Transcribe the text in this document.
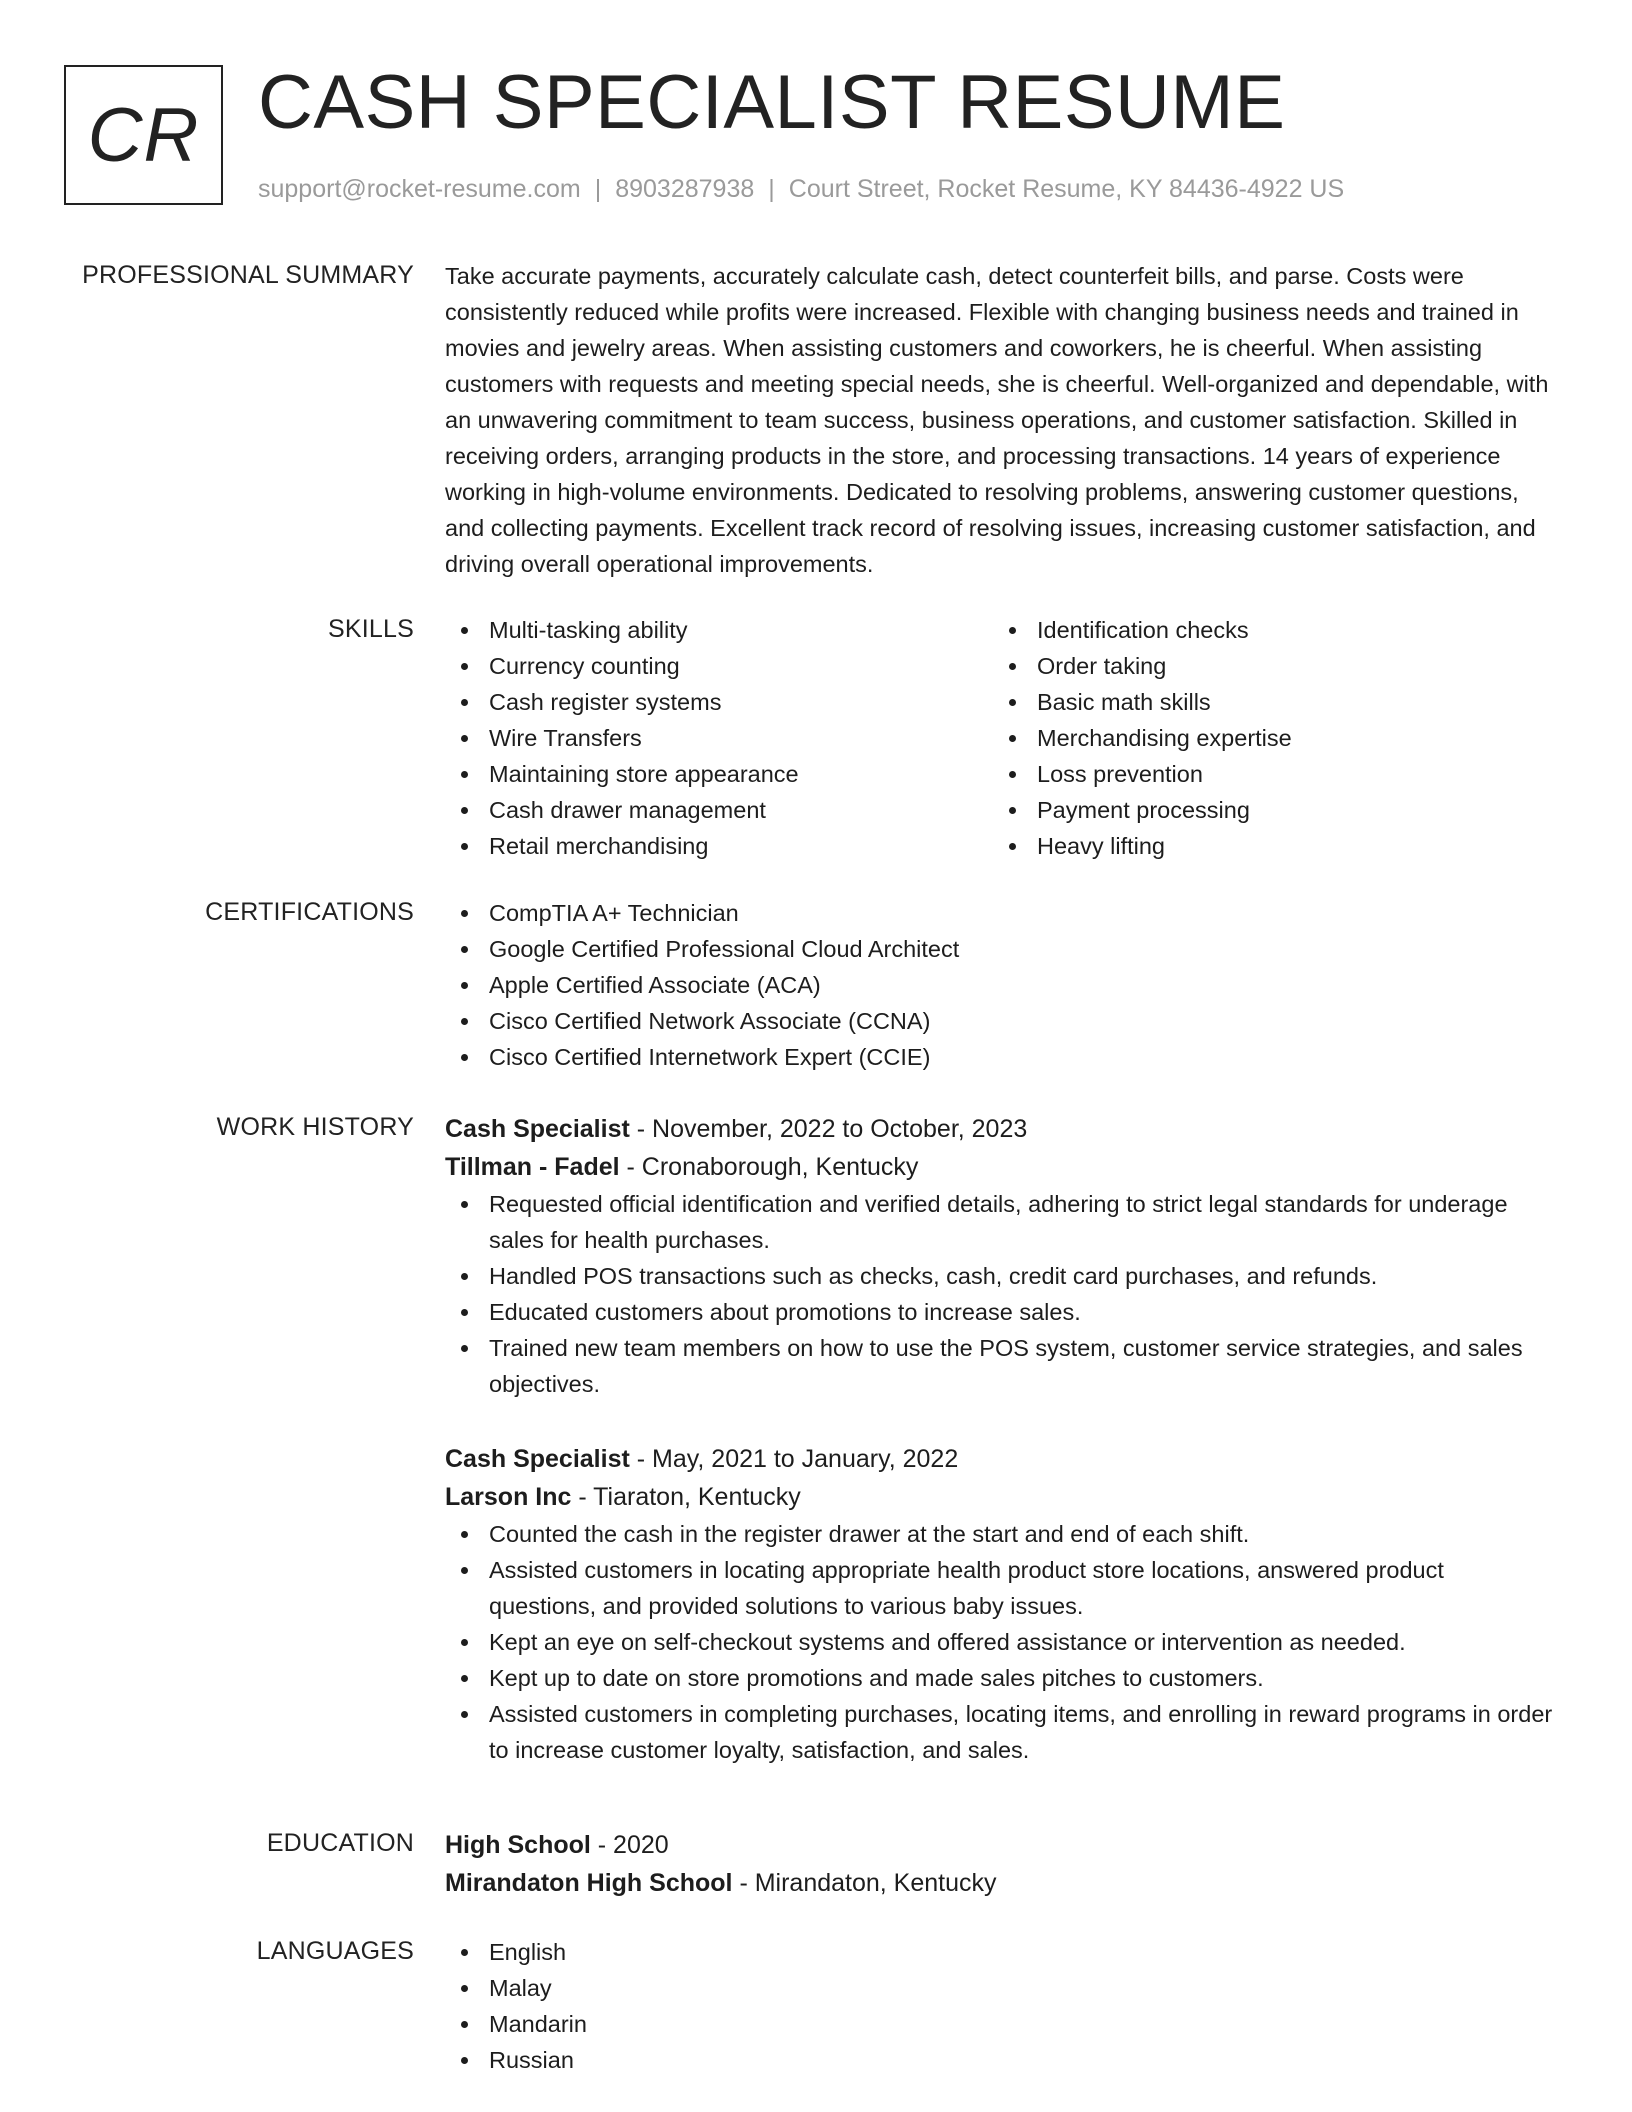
CR CASH SPECIALIST RESUME
support@rocket-resume.com | 8903287938 | Court Street, Rocket Resume, KY 84436-4922 US
PROFESSIONAL SUMMARY Take accurate payments, accurately calculate cash, detect counterfeit bills, and parse. Costs were consistently reduced while profits were increased. Flexible with changing business needs and trained in movies and jewelry areas. When assisting customers and coworkers, he is cheerful. When assisting customers with requests and meeting special needs, she is cheerful. Well-organized and dependable, with an unwavering commitment to team success, business operations, and customer satisfaction. Skilled in receiving orders, arranging products in the store, and processing transactions. 14 years of experience working in high-volume environments. Dedicated to resolving problems, answering customer questions, and collecting payments. Excellent track record of resolving issues, increasing customer satisfaction, and driving overall operational improvements.

SKILLS	Multi-tasking ability
Currency counting
Cash register systems
Wire Transfers
Maintaining store appearance
Cash drawer management
Retail merchandising
Identification checks
Order taking
Basic math skills
Merchandising expertise
Loss prevention
Payment processing
Heavy lifting
CERTIFICATIONS	CompTIA A+ Technician
Google Certified Professional Cloud Architect
Apple Certified Associate (ACA)
Cisco Certified Network Associate (CCNA)
Cisco Certified Internetwork Expert (CCIE)
WORK HISTORY Cash Specialist - November, 2022 to October, 2023
Tillman - Fadel - Cronaborough, Kentucky
Requested official identification and verified details, adhering to strict legal standards for underage sales for health purchases.
Handled POS transactions such as checks, cash, credit card purchases, and refunds.
Educated customers about promotions to increase sales.
Trained new team members on how to use the POS system, customer service strategies, and sales objectives.
Cash Specialist - May, 2021 to January, 2022
Larson Inc - Tiaraton, Kentucky
Counted the cash in the register drawer at the start and end of each shift.
Assisted customers in locating appropriate health product store locations, answered product questions, and provided solutions to various baby issues.
Kept an eye on self-checkout systems and offered assistance or intervention as needed.
Kept up to date on store promotions and made sales pitches to customers.
Assisted customers in completing purchases, locating items, and enrolling in reward programs in order to increase customer loyalty, satisfaction, and sales.
EDUCATION High School - 2020
Mirandaton High School - Mirandaton, Kentucky
LANGUAGES	English
Malay
Mandarin
Russian
